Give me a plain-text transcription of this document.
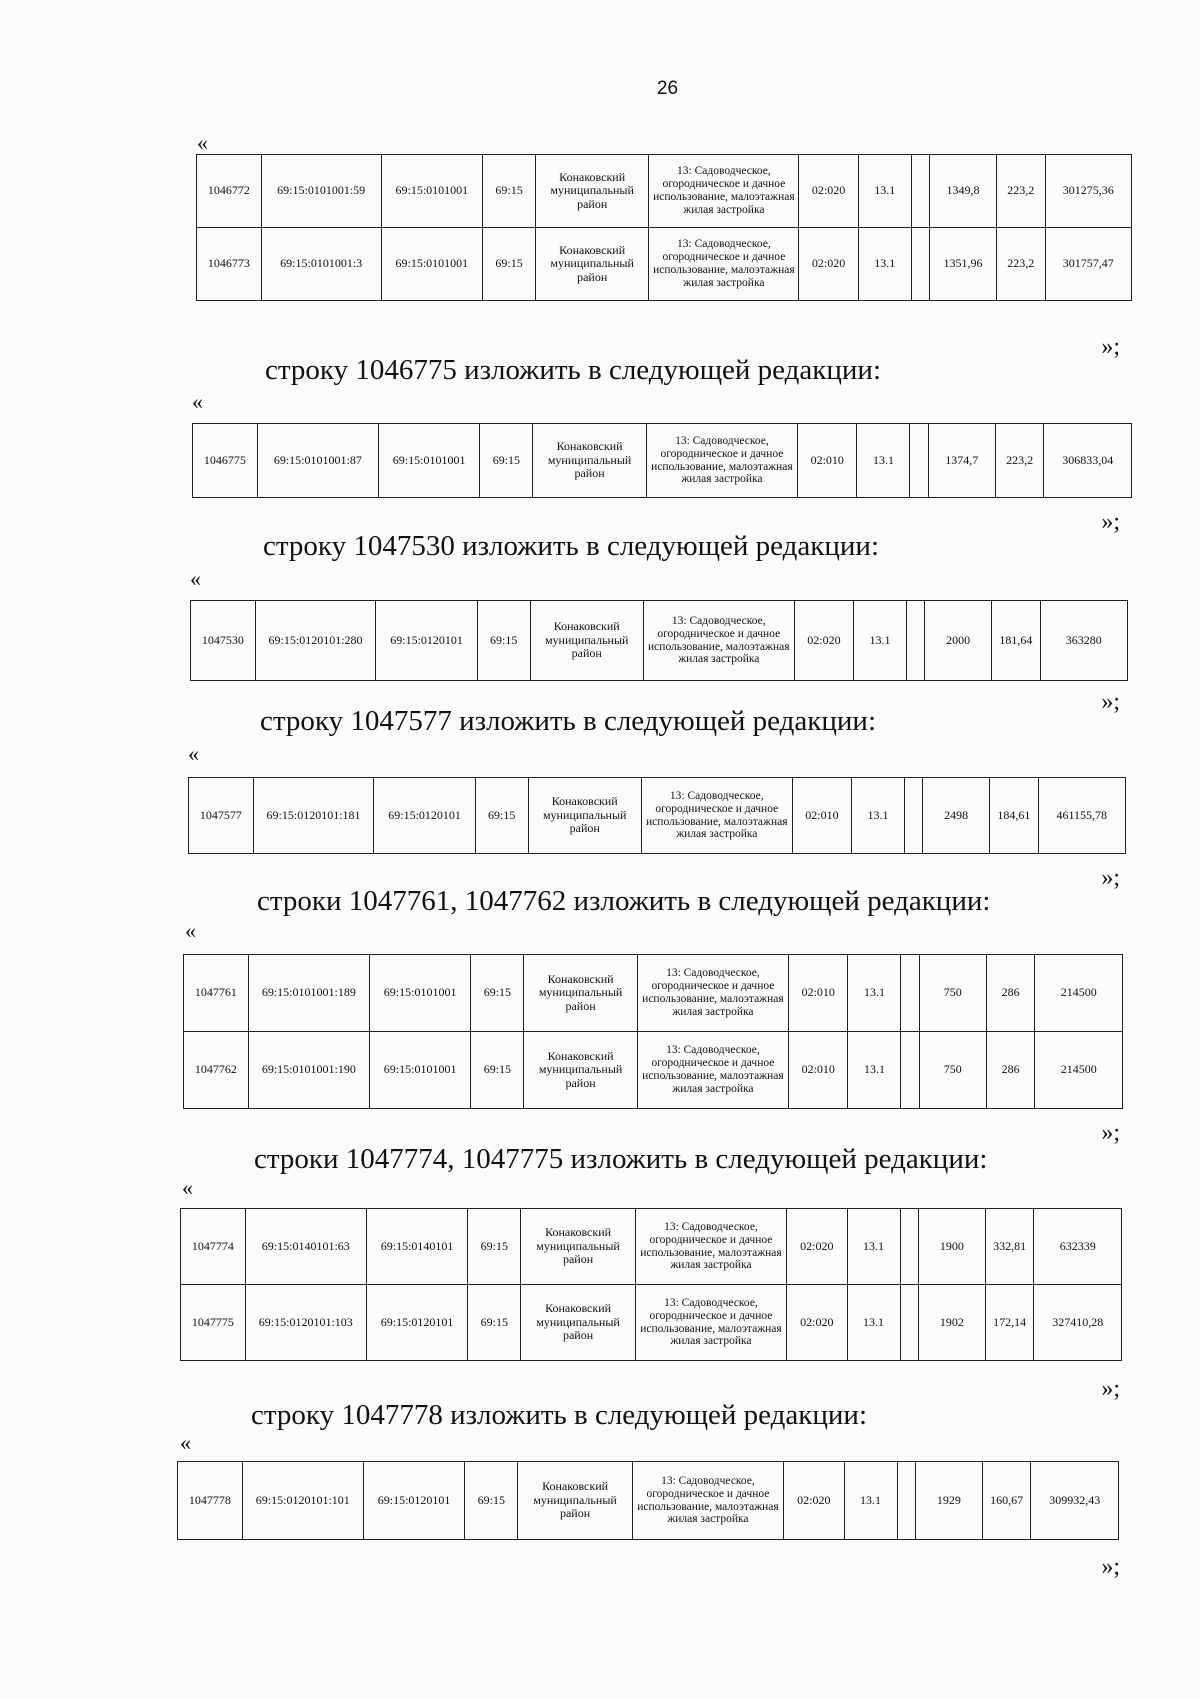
26
«
1046772	69:15:0101001:59	69:15:0101001	69:15	Конаковский муниципальный район	13: Садоводческое, огородническое и дачное использование, малоэтажная жилая застройка	02:020	13.1		1349,8	223,2	301275,36
1046773	69:15:0101001:3	69:15:0101001	69:15	Конаковский муниципальный район	13: Садоводческое, огородническое и дачное использование, малоэтажная жилая застройка	02:020	13.1		1351,96	223,2	301757,47
»;
строку 1046775 изложить в следующей редакции:
«
1046775	69:15:0101001:87	69:15:0101001	69:15	Конаковский муниципальный район	13: Садоводческое, огородническое и дачное использование, малоэтажная жилая застройка	02:010	13.1		1374,7	223,2	306833,04
»;
строку 1047530 изложить в следующей редакции:
«
1047530	69:15:0120101:280	69:15:0120101	69:15	Конаковский муниципальный район	13: Садоводческое, огородническое и дачное использование, малоэтажная жилая застройка	02:020	13.1		2000	181,64	363280
»;
строку 1047577 изложить в следующей редакции:
«
1047577	69:15:0120101:181	69:15:0120101	69:15	Конаковский муниципальный район	13: Садоводческое, огородническое и дачное использование, малоэтажная жилая застройка	02:010	13.1		2498	184,61	461155,78
»;
строки 1047761, 1047762 изложить в следующей редакции:
«
1047761	69:15:0101001:189	69:15:0101001	69:15	Конаковский муниципальный район	13: Садоводческое, огородническое и дачное использование, малоэтажная жилая застройка	02:010	13.1		750	286	214500
1047762	69:15:0101001:190	69:15:0101001	69:15	Конаковский муниципальный район	13: Садоводческое, огородническое и дачное использование, малоэтажная жилая застройка	02:010	13.1		750	286	214500
»;
строки 1047774, 1047775 изложить в следующей редакции:
«
1047774	69:15:0140101:63	69:15:0140101	69:15	Конаковский муниципальный район	13: Садоводческое, огородническое и дачное использование, малоэтажная жилая застройка	02:020	13.1		1900	332,81	632339
1047775	69:15:0120101:103	69:15:0120101	69:15	Конаковский муниципальный район	13: Садоводческое, огородническое и дачное использование, малоэтажная жилая застройка	02:020	13.1		1902	172,14	327410,28
»;
строку 1047778 изложить в следующей редакции:
«
1047778	69:15:0120101:101	69:15:0120101	69:15	Конаковский муниципальный район	13: Садоводческое, огородническое и дачное использование, малоэтажная жилая застройка	02:020	13.1		1929	160,67	309932,43
»;
